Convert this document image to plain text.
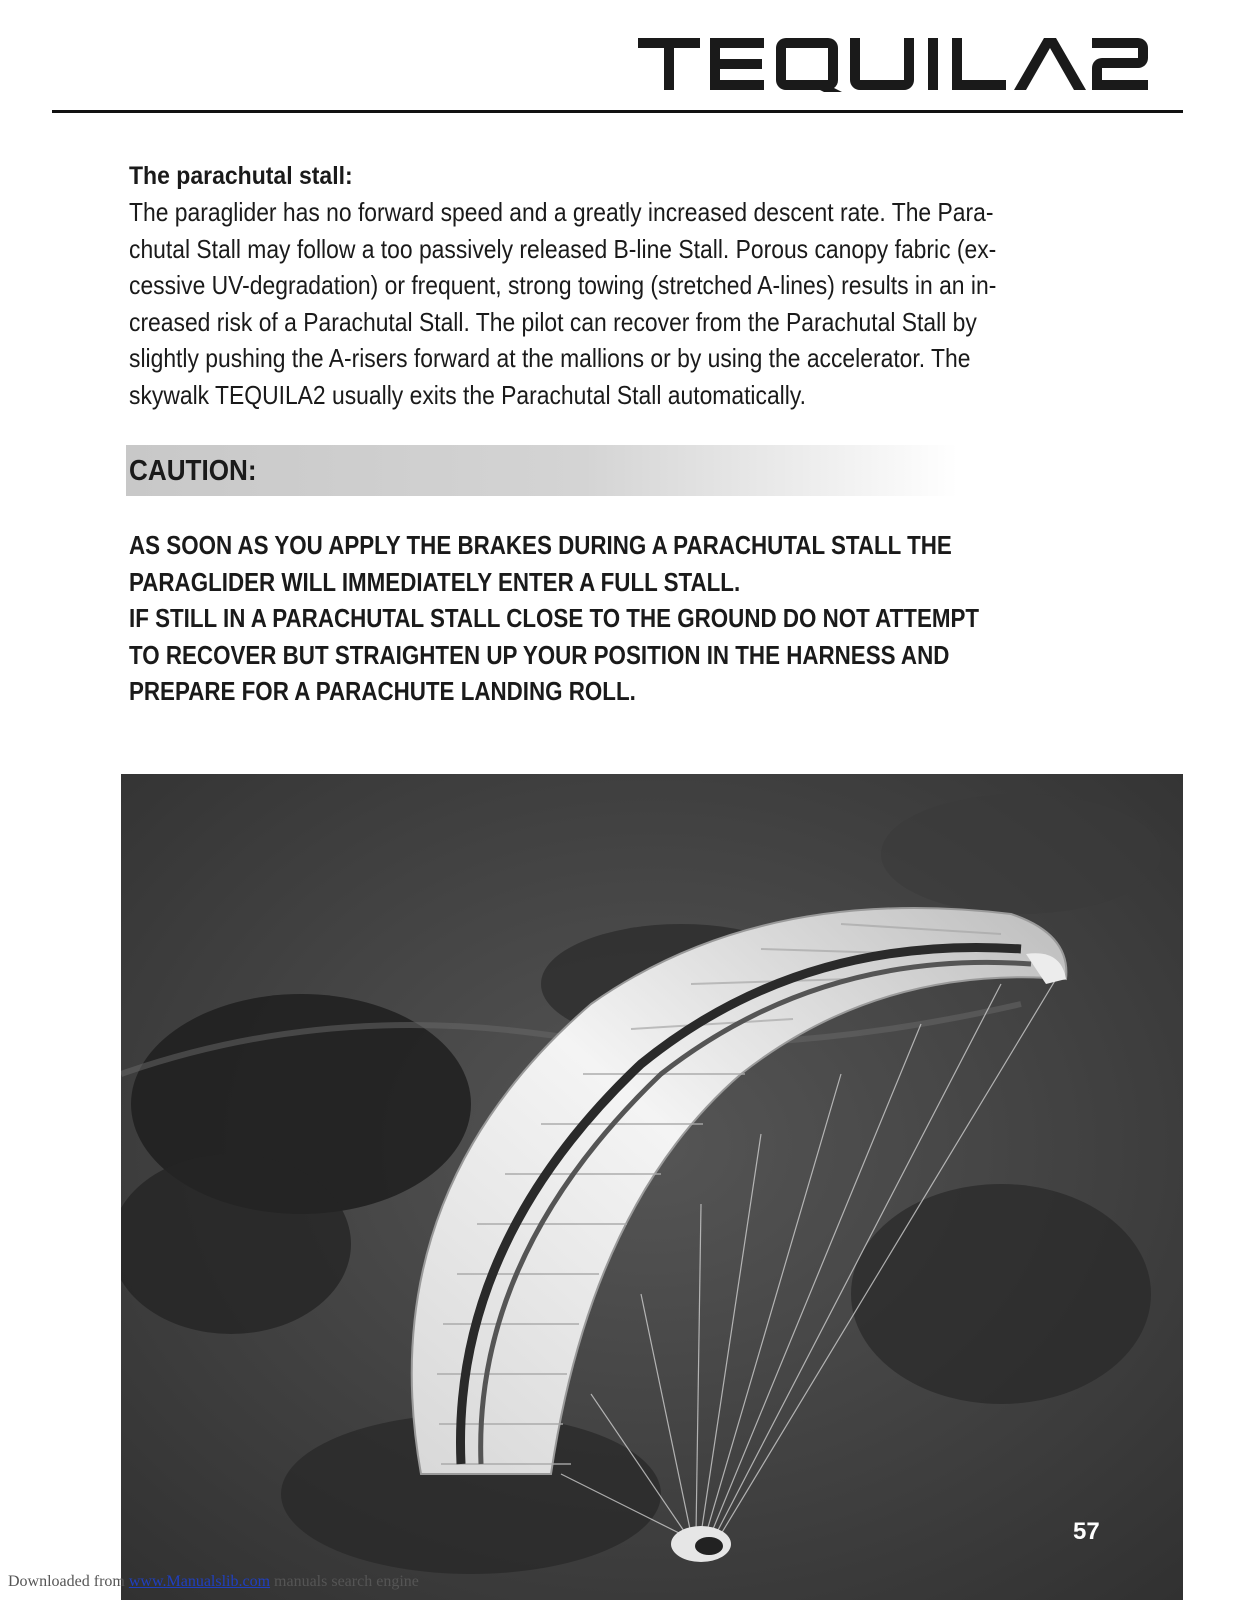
The parachutal stall:

The paraglider has no forward speed and a greatly increased descent rate. The Para-
chutal Stall may follow a too passively released B-line Stall. Porous canopy fabric (ex-
cessive UV-degradation) or frequent, strong towing (stretched A-lines) results in an in-
creased risk of a Parachutal Stall. The pilot can recover from the Parachutal Stall by
slightly pushing the A-risers forward at the mallions or by using the accelerator. The
skywalk TEQUILA2 usually exits the Parachutal Stall automatically.

CAUTION:
AS SOON AS YOU APPLY THE BRAKES DURING A PARACHUTAL STALL THE
PARAGLIDER WILL IMMEDIATELY ENTER A FULL STALL.
IF STILL IN A PARACHUTAL STALL CLOSE TO THE GROUND DO NOT ATTEMPT
TO RECOVER BUT STRAIGHTEN UP YOUR POSITION IN THE HARNESS AND
PREPARE FOR A PARACHUTE LANDING ROLL.
57
Downloaded from www.Manualslib.com manuals search engine
